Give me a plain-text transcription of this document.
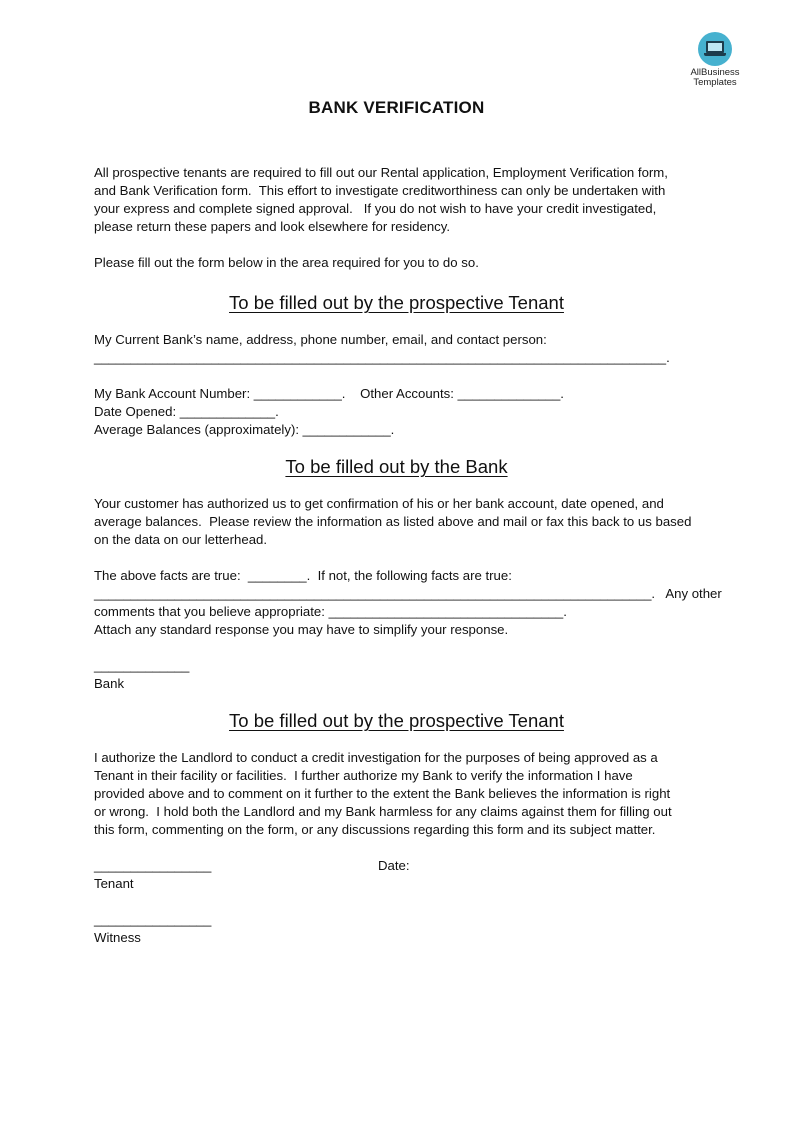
AllBusiness
Templates
BANK VERIFICATION

All prospective tenants are required to fill out our Rental application, Employment Verification form,
and Bank Verification form.  This effort to investigate creditworthiness can only be undertaken with
your express and complete signed approval.   If you do not wish to have your credit investigated,
please return these papers and look elsewhere for residency.

Please fill out the form below in the area required for you to do so.

To be filled out by the prospective Tenant

My Current Bank’s name, address, phone number, email, and contact person:
______________________________________________________________________________.
My Bank Account Number: ____________.    Other Accounts: ______________.
Date Opened: _____________.
Average Balances (approximately): ____________.

To be filled out by the Bank

Your customer has authorized us to get confirmation of his or her bank account, date opened, and
average balances.  Please review the information as listed above and mail or fax this back to us based
on the data on our letterhead.

The above facts are true:  ________.  If not, the following facts are true:
____________________________________________________________________________.   Any other
comments that you believe appropriate: ________________________________.
Attach any standard response you may have to simplify your response.
_____________
Bank

To be filled out by the prospective Tenant

I authorize the Landlord to conduct a credit investigation for the purposes of being approved as a
Tenant in their facility or facilities.  I further authorize my Bank to verify the information I have
provided above and to comment on it further to the extent the Bank believes the information is right
or wrong.  I hold both the Landlord and my Bank harmless for any claims against them for filling out
this form, commenting on the form, or any discussions regarding this form and its subject matter.

________________	Date:
Tenant
________________
Witness
